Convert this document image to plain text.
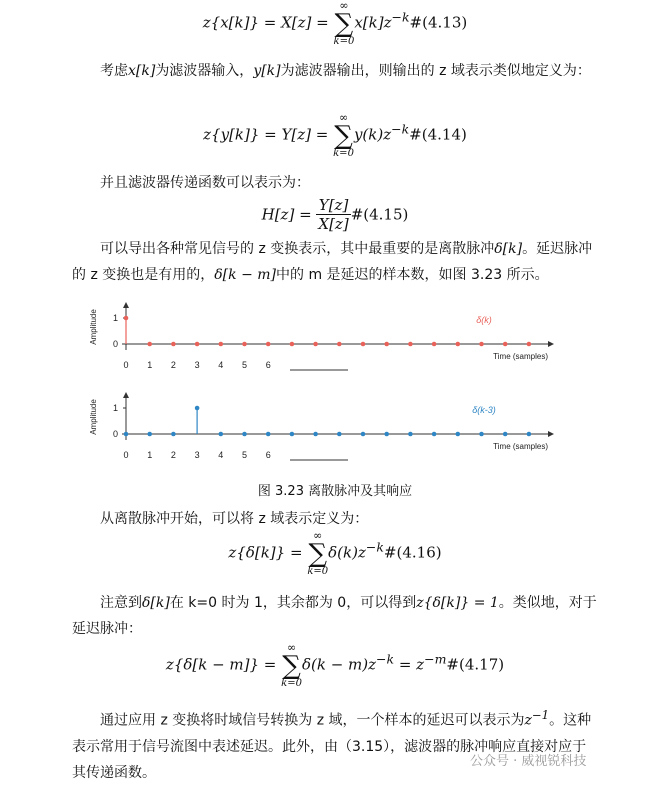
z{x[k]} = X[z] =
∞
∑
k=0
$x[k]z^{-k}\#(4.13)$
考虑x[k]为滤波器输入，y[k]为滤波器输出，则输出的 z 域表示类似地定义为：
z{y[k]} = Y[z] =
∞
∑
k=0
$y(k)z^{-k}\#(4.14)$
并且滤波器传递函数可以表示为：
$H[z] = \frac{Y[z]}{X[z]}$ #(4.15)
可以导出各种常见信号的 z 变换表示，其中最重要的是离散脉冲δ[k]。延迟脉冲的 z 变换也是有用的，δ[k − m]中的 m 是延迟的样本数，如图 3.23 所示。
1
0
Amplitude
0 1 2 3 4 5 6
Time (samples)
δ(k)
1
0
Amplitude
0 1 2 3 4 5 6
Time (samples)
δ(k-3)
图 3.23 离散脉冲及其响应
从离散脉冲开始，可以将 z 域表示定义为：
z{δ[k]} =
∞
∑
k=0
$\delta(k)z^{-k}\#(4.16)$
注意到δ[k]在 k=0 时为 1，其余都为 0，可以得到z{δ[k]} = 1。类似地，对于延迟脉冲：
z{δ[k − m]} =
∞
∑
k=0
$\delta(k - m)z^{-k}$ = $z^{-m}\#(4.17)$
通过应用 z 变换将时域信号转换为 z 域，一个样本的延迟可以表示为$z^{-1}$。这种表示常用于信号流图中表述延迟。此外，由（3.15），滤波器的脉冲响应直接对应于其传递函数。
公众号 · 威视锐科技
